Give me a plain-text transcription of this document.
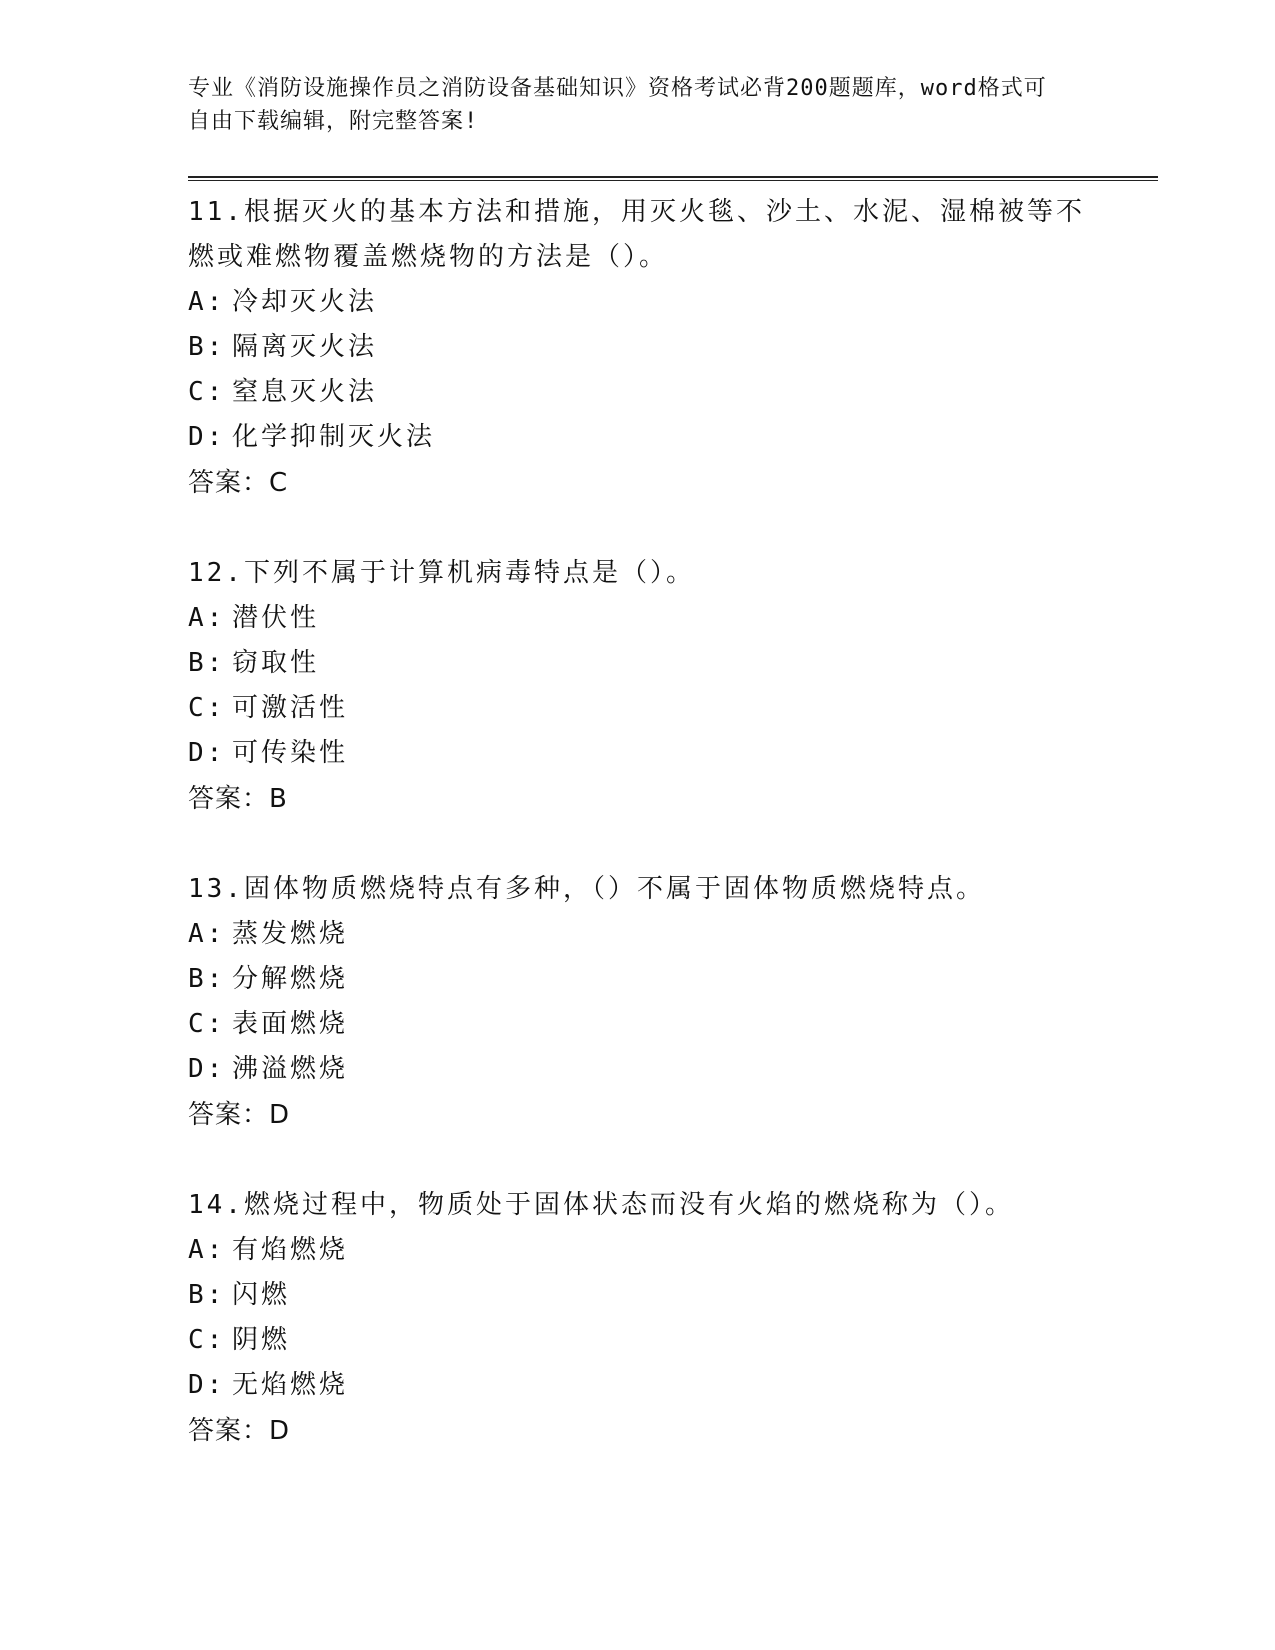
专业《消防设施操作员之消防设备基础知识》资格考试必背200题题库，word格式可自由下载编辑，附完整答案!

11.根据灭火的基本方法和措施，用灭火毯、沙土、水泥、湿棉被等不燃或难燃物覆盖燃烧物的方法是（）。

A: 冷却灭火法
B: 隔离灭火法
C: 窒息灭火法
D: 化学抑制灭火法

答案：C

12.下列不属于计算机病毒特点是（）。

A: 潜伏性
B: 窃取性
C: 可激活性
D: 可传染性

答案：B

13.固体物质燃烧特点有多种，（）不属于固体物质燃烧特点。

A: 蒸发燃烧
B: 分解燃烧
C: 表面燃烧
D: 沸溢燃烧

答案：D

14.燃烧过程中，物质处于固体状态而没有火焰的燃烧称为（）。

A: 有焰燃烧
B: 闪燃
C: 阴燃
D: 无焰燃烧

答案：D
